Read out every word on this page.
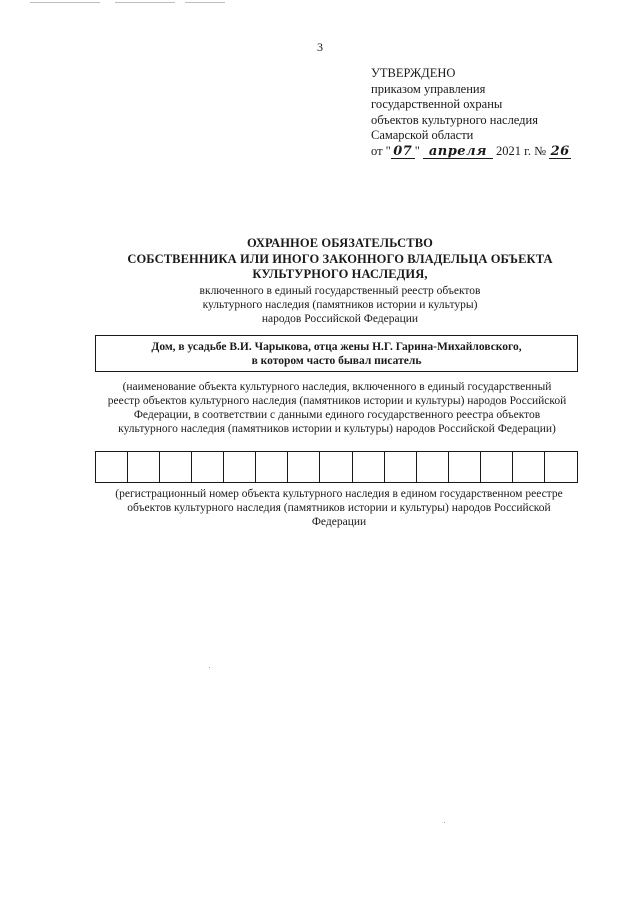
3
УТВЕРЖДЕНО
приказом управления
государственной охраны
объектов культурного наследия
Самарской области
от " 07 " апреля 2021 г. № 26
ОХРАННОЕ ОБЯЗАТЕЛЬСТВО
СОБСТВЕННИКА ИЛИ ИНОГО ЗАКОННОГО ВЛАДЕЛЬЦА ОБЪЕКТА
КУЛЬТУРНОГО НАСЛЕДИЯ,
включенного в единый государственный реестр объектов
культурного наследия (памятников истории и культуры)
народов Российской Федерации
Дом, в усадьбе В.И. Чарыкова, отца жены Н.Г. Гарина-Михайловского,
в котором часто бывал писатель
(наименование объекта культурного наследия, включенного в единый государственный
реестр объектов культурного наследия (памятников истории и культуры) народов Российской
Федерации, в соответствии с данными единого государственного реестра объектов
культурного наследия (памятников истории и культуры) народов Российской Федерации)
(регистрационный номер объекта культурного наследия в едином государственном реестре
объектов культурного наследия (памятников истории и культуры) народов Российской
Федерации
